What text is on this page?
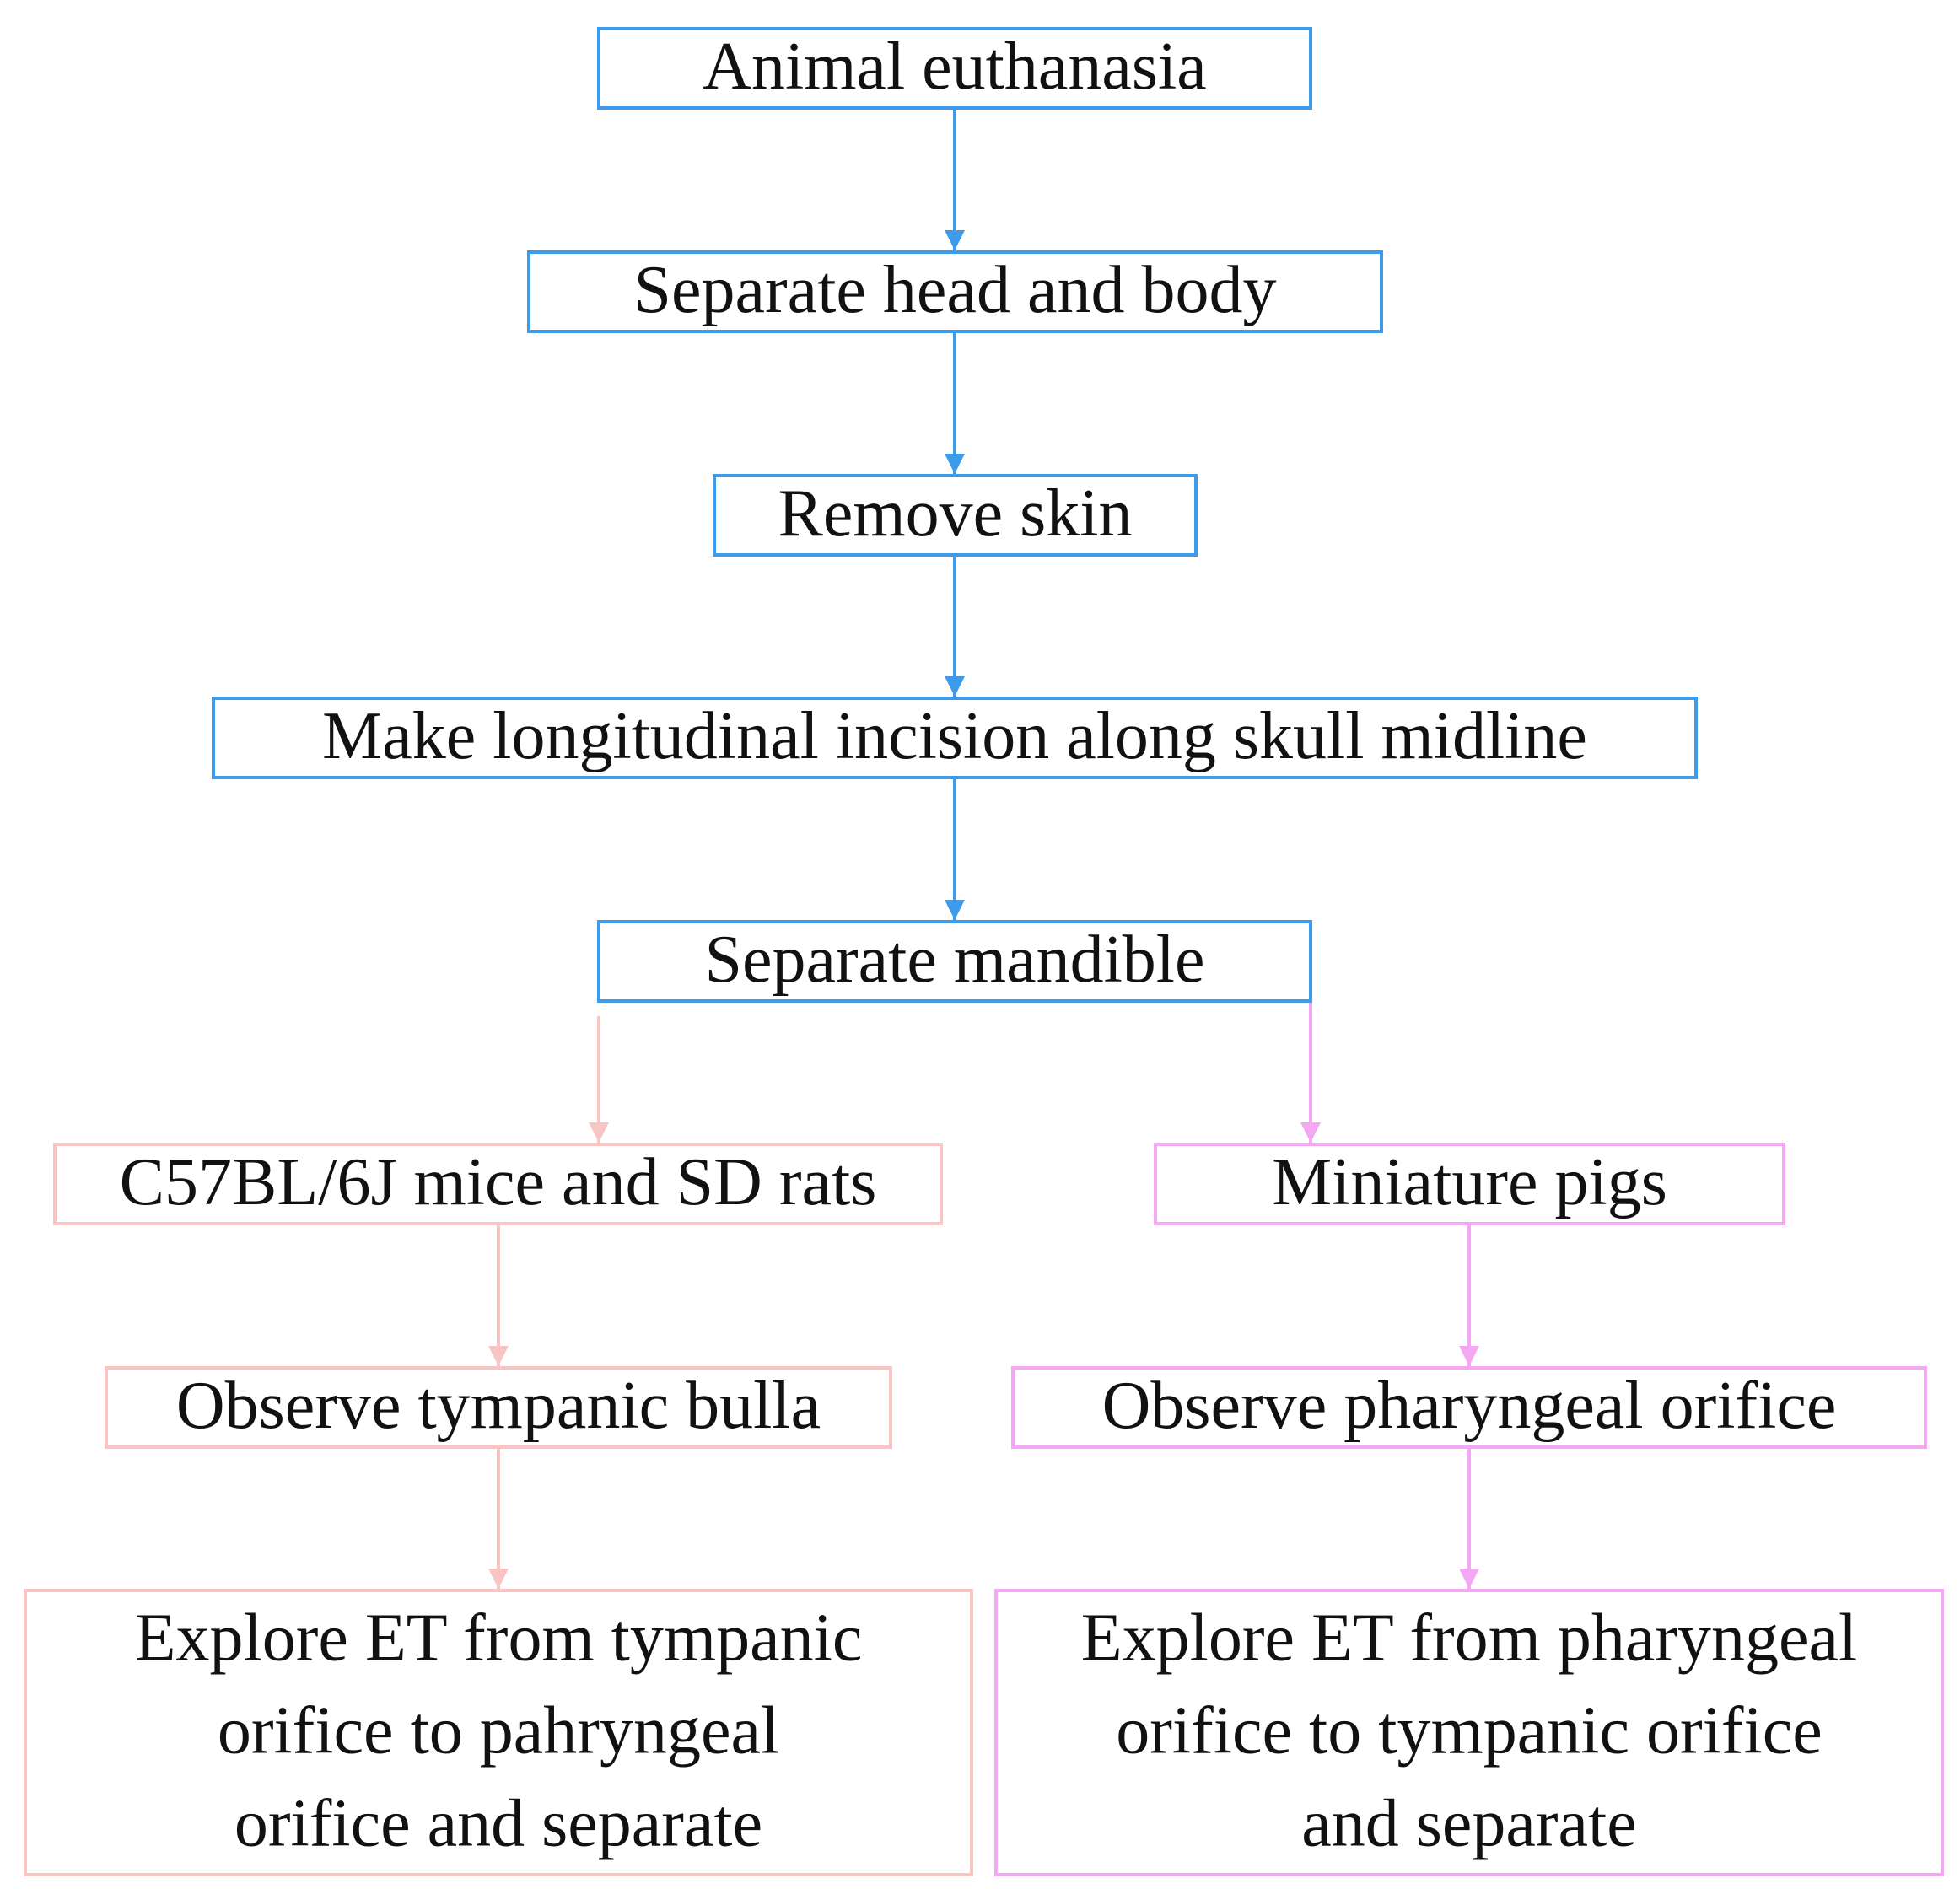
Animal euthanasia
Separate head and body
Remove skin
Make longitudinal incision along skull midline
Separate mandible
C57BL/6J mice and SD rats	Miniature pigs
Observe tympanic bulla	Observe pharyngeal orifice
Explore ET from tympanic
orifice to pahryngeal
orifice and separate
Explore ET from pharyngeal
orifice to tympanic orifice
and separate
